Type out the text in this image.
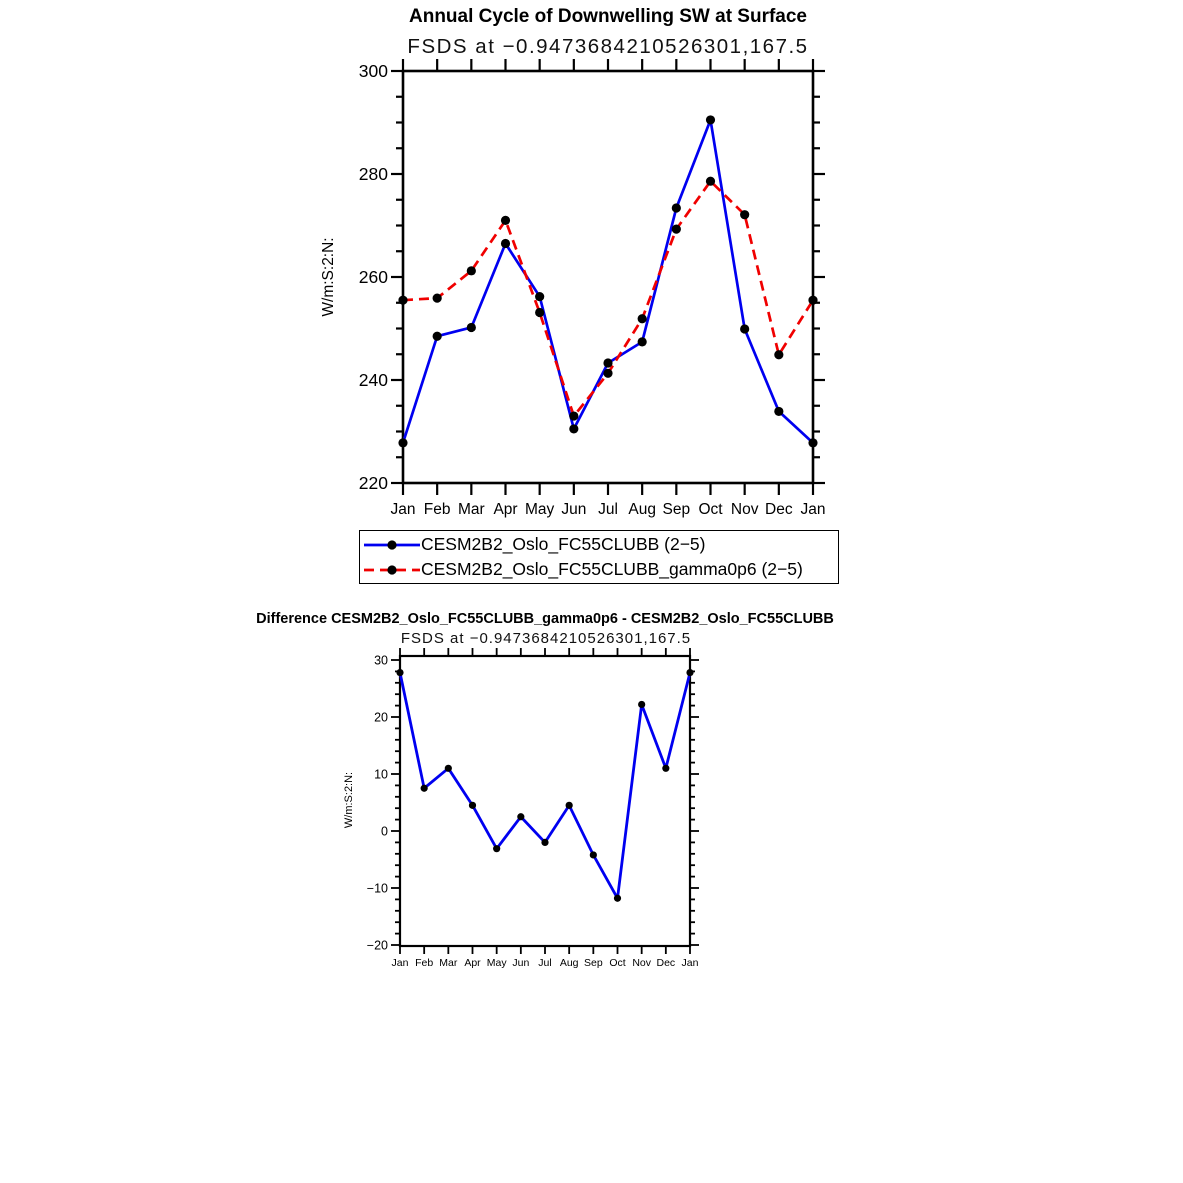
Jan Feb Mar Apr May Jun Jul Aug Sep Oct Nov Dec Jan
220
240
260
280
300
W/m:S:2:N:
Jan Feb Mar Apr May Jun Jul Aug Sep Oct Nov Dec Jan
−20
−10
0
10
20
30
W/m:S:2:N:
Annual Cycle of Downwelling SW at Surface
FSDS at −0.9473684210526301,167.5
CESM2B2_Oslo_FC55CLUBB (2−5)
CESM2B2_Oslo_FC55CLUBB_gamma0p6 (2−5)
Difference CESM2B2_Oslo_FC55CLUBB_gamma0p6 - CESM2B2_Oslo_FC55CLUBB
FSDS at −0.9473684210526301,167.5
